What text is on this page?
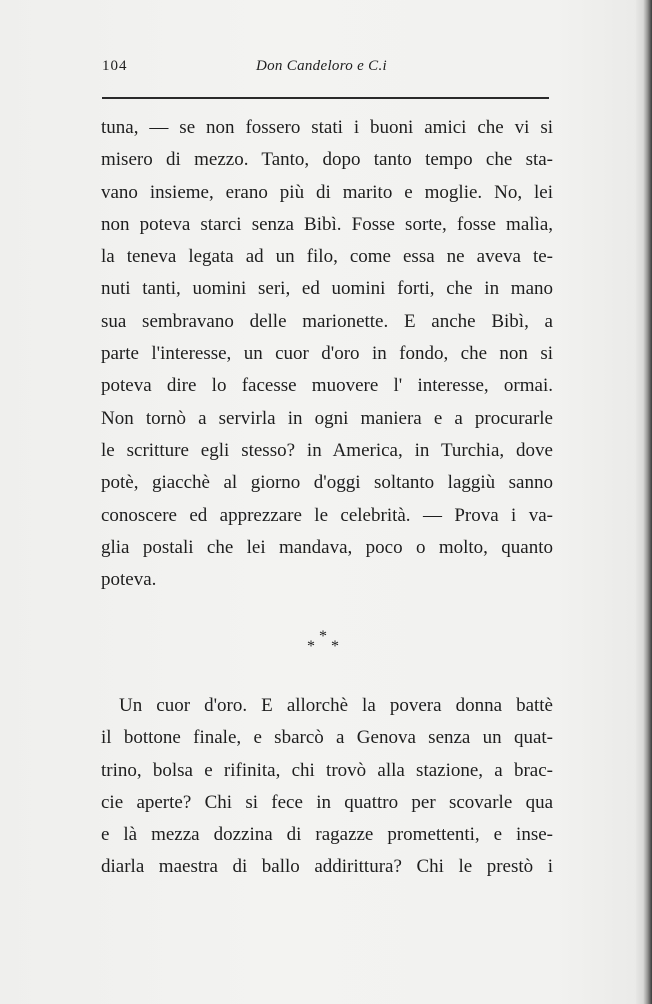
104	Don Candeloro e C.i
tuna, — se non fossero stati i buoni amici che vi si
misero di mezzo. Tanto, dopo tanto tempo che sta-
vano insieme, erano più di marito e moglie. No, lei
non poteva starci senza Bibì. Fosse sorte, fosse malìa,
la teneva legata ad un filo, come essa ne aveva te-
nuti tanti, uomini seri, ed uomini forti, che in mano
sua sembravano delle marionette. E anche Bibì, a
parte l'interesse, un cuor d'oro in fondo, che non si
poteva dire lo facesse muovere l' interesse, ormai.
Non tornò a servirla in ogni maniera e a procurarle
le scritture egli stesso? in America, in Turchia, dove
potè, giacchè al giorno d'oggi soltanto laggiù sanno
conoscere ed apprezzare le celebrità. — Prova i va-
glia postali che lei mandava, poco o molto, quanto
poteva.
*
* *
Un cuor d'oro. E allorchè la povera donna battè
il bottone finale, e sbarcò a Genova senza un quat-
trino, bolsa e rifinita, chi trovò alla stazione, a brac-
cie aperte? Chi si fece in quattro per scovarle qua
e là mezza dozzina di ragazze promettenti, e inse-
diarla maestra di ballo addirittura? Chi le prestò i
